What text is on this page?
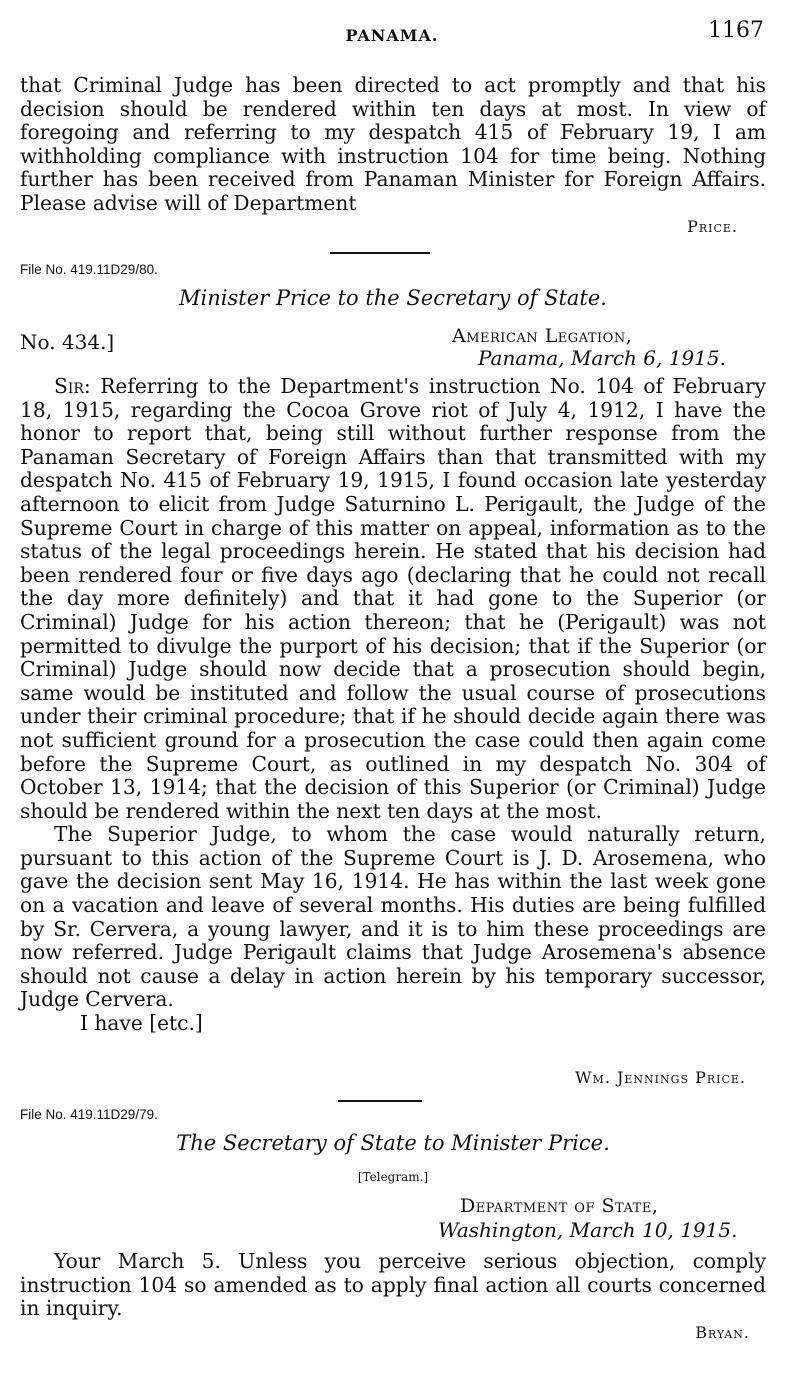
PANAMA.	1167

that Criminal Judge has been directed to act promptly and that his decision should be rendered within ten days at most. In view of foregoing and referring to my despatch 415 of February 19, I am withholding compliance with instruction 104 for time being. Nothing further has been received from Panaman Minister for Foreign Affairs. Please advise will of Department

Price.
File No. 419.11D29/80.
Minister Price to the Secretary of State.
No. 434.]	American Legation,
Panama, March 6, 1915.

Sir: Referring to the Department's instruction No. 104 of February 18, 1915, regarding the Cocoa Grove riot of July 4, 1912, I have the honor to report that, being still without further response from the Panaman Secretary of Foreign Affairs than that transmitted with my despatch No. 415 of February 19, 1915, I found occasion late yesterday afternoon to elicit from Judge Saturnino L. Perigault, the Judge of the Supreme Court in charge of this matter on appeal, information as to the status of the legal proceedings herein. He stated that his decision had been rendered four or five days ago (declaring that he could not recall the day more definitely) and that it had gone to the Superior (or Criminal) Judge for his action thereon; that he (Perigault) was not permitted to divulge the purport of his decision; that if the Superior (or Criminal) Judge should now decide that a prosecution should begin, same would be instituted and follow the usual course of prosecutions under their criminal procedure; that if he should decide again there was not sufficient ground for a prosecution the case could then again come before the Supreme Court, as outlined in my despatch No. 304 of October 13, 1914; that the decision of this Superior (or Criminal) Judge should be rendered within the next ten days at the most.

The Superior Judge, to whom the case would naturally return, pursuant to this action of the Supreme Court is J. D. Arosemena, who gave the decision sent May 16, 1914. He has within the last week gone on a vacation and leave of several months. His duties are being fulfilled by Sr. Cervera, a young lawyer, and it is to him these proceedings are now referred. Judge Perigault claims that Judge Arosemena's absence should not cause a delay in action herein by his temporary successor, Judge Cervera.

I have [etc.]

Wm. Jennings Price.
File No. 419.11D29/79.
The Secretary of State to Minister Price.
[Telegram.]
Department of State,
Washington, March 10, 1915.

Your March 5. Unless you perceive serious objection, comply instruction 104 so amended as to apply final action all courts concerned in inquiry.

Bryan.
